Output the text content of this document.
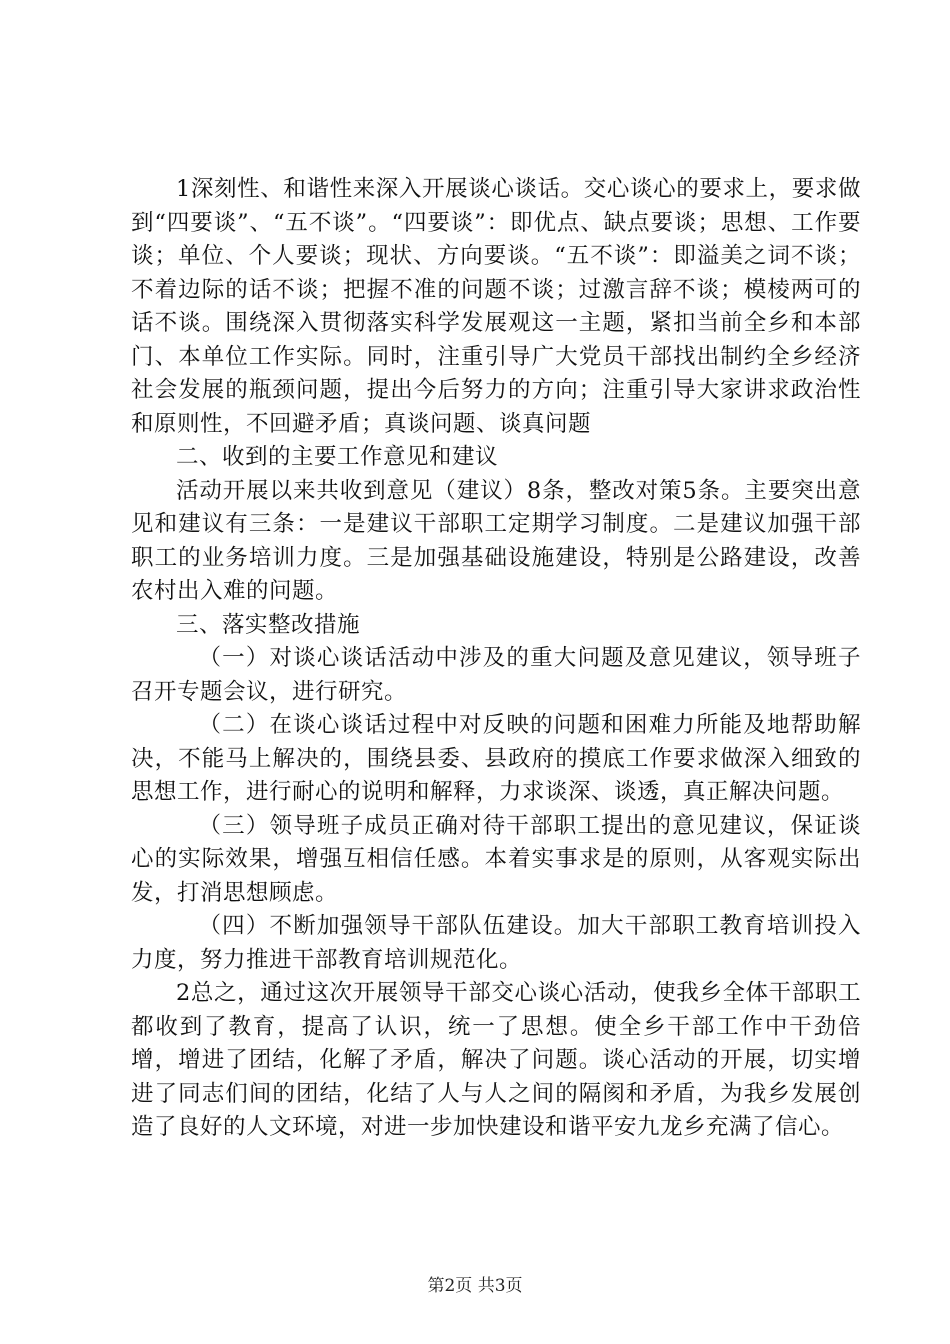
1深刻性、和谐性来深入开展谈心谈话。交心谈心的要求上，要求做到“四要谈”、“五不谈”。“四要谈”：即优点、缺点要谈；思想、工作要谈；单位、个人要谈；现状、方向要谈。“五不谈”：即溢美之词不谈；不着边际的话不谈；把握不准的问题不谈；过激言辞不谈；模棱两可的话不谈。围绕深入贯彻落实科学发展观这一主题，紧扣当前全乡和本部门、本单位工作实际。同时，注重引导广大党员干部找出制约全乡经济社会发展的瓶颈问题，提出今后努力的方向；注重引导大家讲求政治性和原则性，不回避矛盾；真谈问题、谈真问题

二、收到的主要工作意见和建议

活动开展以来共收到意见（建议）8条，整改对策5条。主要突出意见和建议有三条：一是建议干部职工定期学习制度。二是建议加强干部职工的业务培训力度。三是加强基础设施建设，特别是公路建设，改善农村出入难的问题。

三、落实整改措施

（一）对谈心谈话活动中涉及的重大问题及意见建议，领导班子召开专题会议，进行研究。

（二）在谈心谈话过程中对反映的问题和困难力所能及地帮助解决，不能马上解决的，围绕县委、县政府的摸底工作要求做深入细致的思想工作，进行耐心的说明和解释，力求谈深、谈透，真正解决问题。

（三）领导班子成员正确对待干部职工提出的意见建议，保证谈心的实际效果，增强互相信任感。本着实事求是的原则，从客观实际出发，打消思想顾虑。

（四）不断加强领导干部队伍建设。加大干部职工教育培训投入力度，努力推进干部教育培训规范化。

2总之，通过这次开展领导干部交心谈心活动，使我乡全体干部职工都收到了教育，提高了认识，统一了思想。使全乡干部工作中干劲倍增，增进了团结，化解了矛盾，解决了问题。谈心活动的开展，切实增进了同志们间的团结，化结了人与人之间的隔阂和矛盾，为我乡发展创造了良好的人文环境，对进一步加快建设和谐平安九龙乡充满了信心。

第2页 共3页
